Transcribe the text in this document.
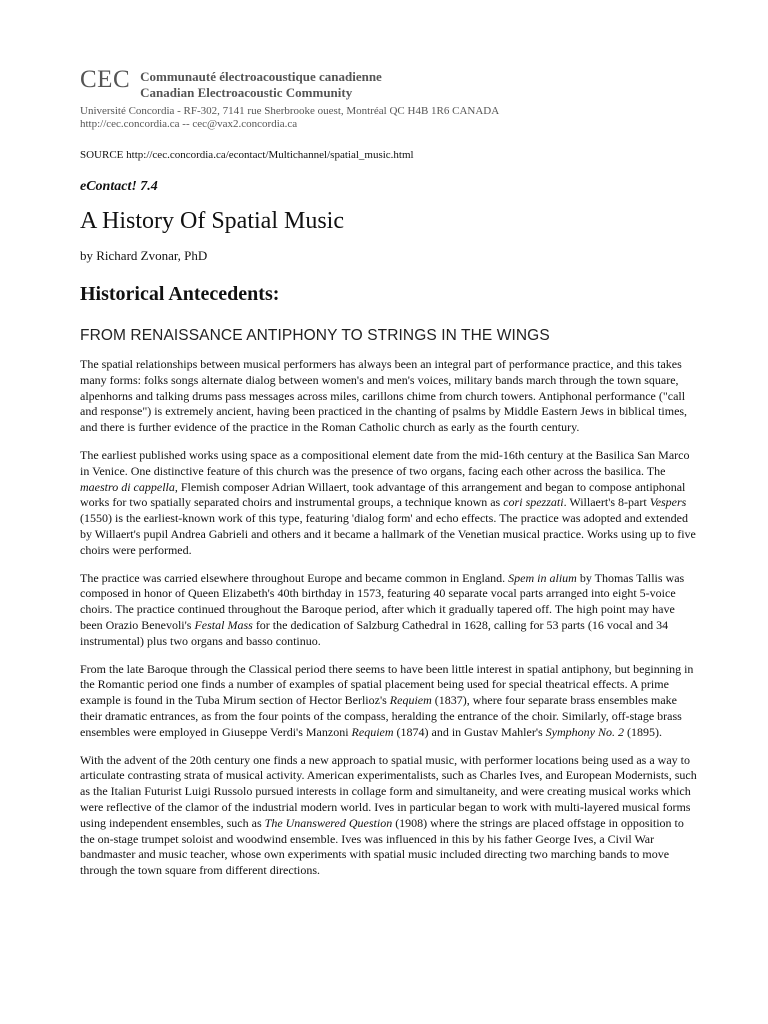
CEC Communauté électroacoustique canadienne
Canadian Electroacoustic Community
Université Concordia - RF-302, 7141 rue Sherbrooke ouest, Montréal QC H4B 1R6 CANADA
http://cec.concordia.ca -- cec@vax2.concordia.ca
SOURCE http://cec.concordia.ca/econtact/Multichannel/spatial_music.html
eContact! 7.4
A History Of Spatial Music
by Richard Zvonar, PhD
Historical Antecedents:
FROM RENAISSANCE ANTIPHONY TO STRINGS IN THE WINGS
The spatial relationships between musical performers has always been an integral part of performance practice, and this takes many forms: folks songs alternate dialog between women's and men's voices, military bands march through the town square, alpenhorns and talking drums pass messages across miles, carillons chime from church towers. Antiphonal performance ("call and response") is extremely ancient, having been practiced in the chanting of psalms by Middle Eastern Jews in biblical times, and there is further evidence of the practice in the Roman Catholic church as early as the fourth century.
The earliest published works using space as a compositional element date from the mid-16th century at the Basilica San Marco in Venice. One distinctive feature of this church was the presence of two organs, facing each other across the basilica. The maestro di cappella, Flemish composer Adrian Willaert, took advantage of this arrangement and began to compose antiphonal works for two spatially separated choirs and instrumental groups, a technique known as cori spezzati. Willaert's 8-part Vespers (1550) is the earliest-known work of this type, featuring 'dialog form' and echo effects. The practice was adopted and extended by Willaert's pupil Andrea Gabrieli and others and it became a hallmark of the Venetian musical practice. Works using up to five choirs were performed.
The practice was carried elsewhere throughout Europe and became common in England. Spem in alium by Thomas Tallis was composed in honor of Queen Elizabeth's 40th birthday in 1573, featuring 40 separate vocal parts arranged into eight 5-voice choirs. The practice continued throughout the Baroque period, after which it gradually tapered off. The high point may have been Orazio Benevoli's Festal Mass for the dedication of Salzburg Cathedral in 1628, calling for 53 parts (16 vocal and 34 instrumental) plus two organs and basso continuo.
From the late Baroque through the Classical period there seems to have been little interest in spatial antiphony, but beginning in the Romantic period one finds a number of examples of spatial placement being used for special theatrical effects. A prime example is found in the Tuba Mirum section of Hector Berlioz's Requiem (1837), where four separate brass ensembles make their dramatic entrances, as from the four points of the compass, heralding the entrance of the choir. Similarly, off-stage brass ensembles were employed in Giuseppe Verdi's Manzoni Requiem (1874) and in Gustav Mahler's Symphony No. 2 (1895).
With the advent of the 20th century one finds a new approach to spatial music, with performer locations being used as a way to articulate contrasting strata of musical activity. American experimentalists, such as Charles Ives, and European Modernists, such as the Italian Futurist Luigi Russolo pursued interests in collage form and simultaneity, and were creating musical works which were reflective of the clamor of the industrial modern world. Ives in particular began to work with multi-layered musical forms using independent ensembles, such as The Unanswered Question (1908) where the strings are placed offstage in opposition to the on-stage trumpet soloist and woodwind ensemble. Ives was influenced in this by his father George Ives, a Civil War bandmaster and music teacher, whose own experiments with spatial music included directing two marching bands to move through the town square from different directions.
